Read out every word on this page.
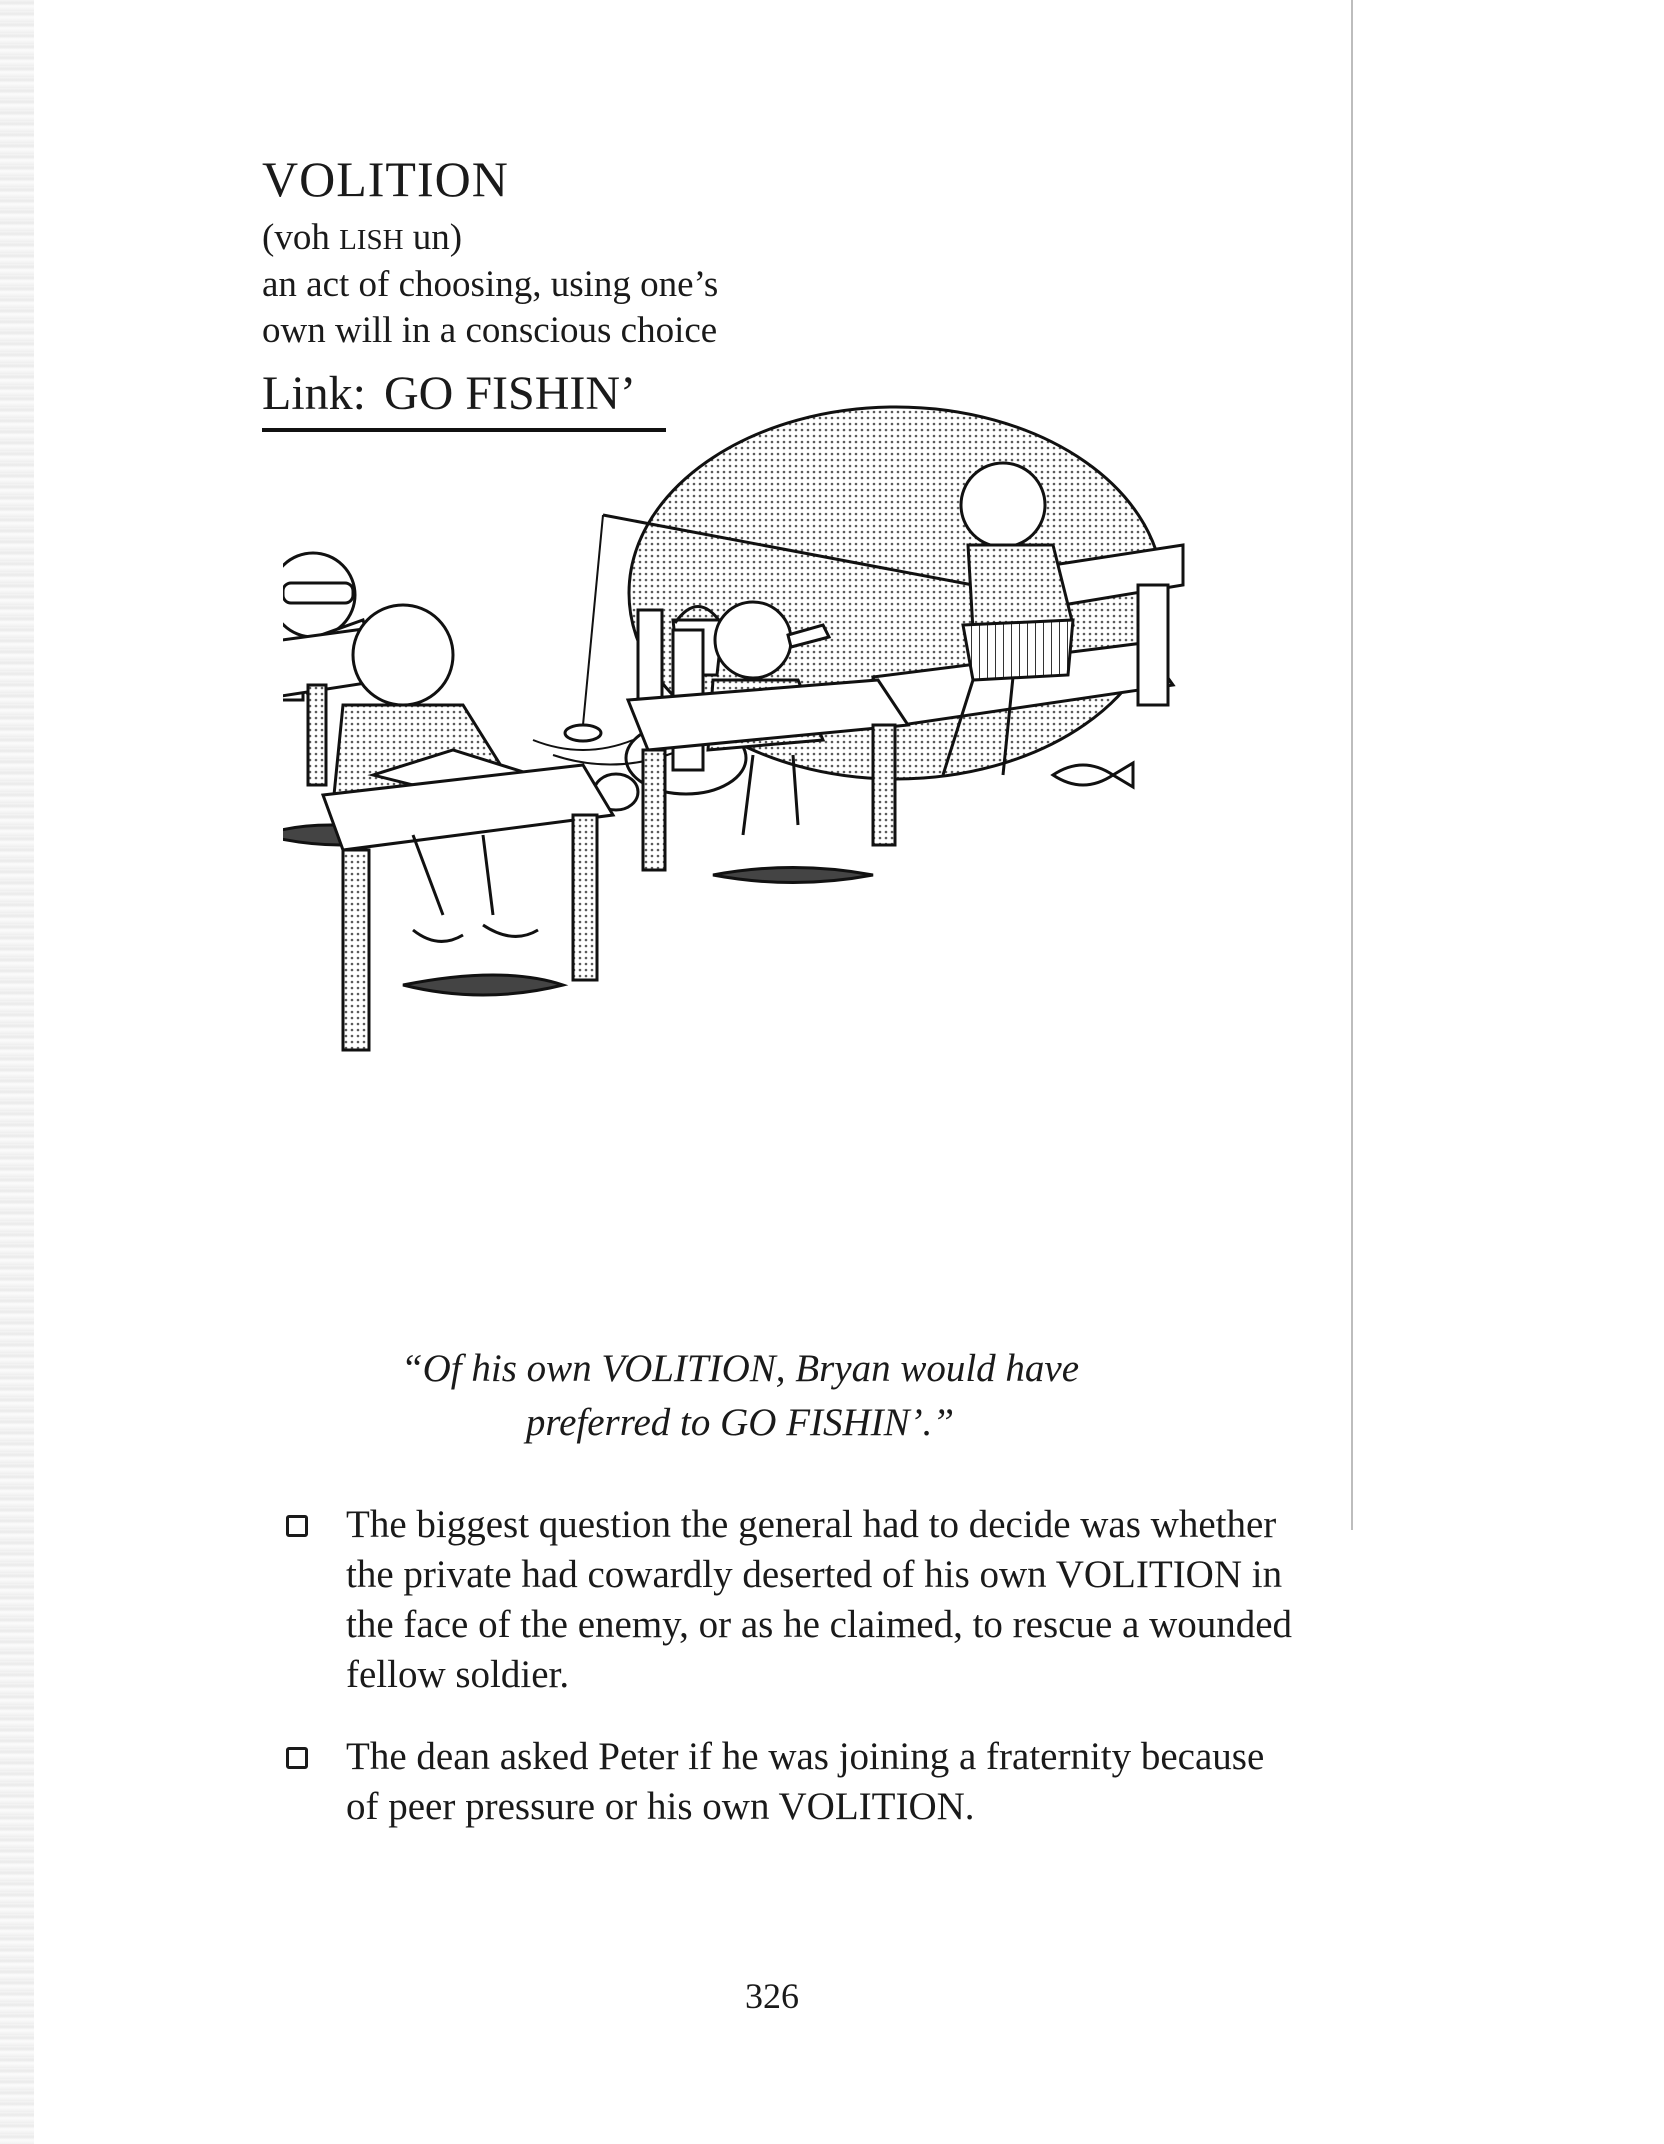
VOLITION
(voh LISH un)
an act of choosing, using one’s
own will in a conscious choice
Link: GO FISHIN’
“Of his own VOLITION, Bryan would have
preferred to GO FISHIN’.”
The biggest question the general had to decide was whether the private had cowardly deserted of his own VOLITION in the face of the enemy, or as he claimed, to rescue a wounded fellow soldier.
The dean asked Peter if he was joining a fraternity because of peer pressure or his own VOLITION.
326
